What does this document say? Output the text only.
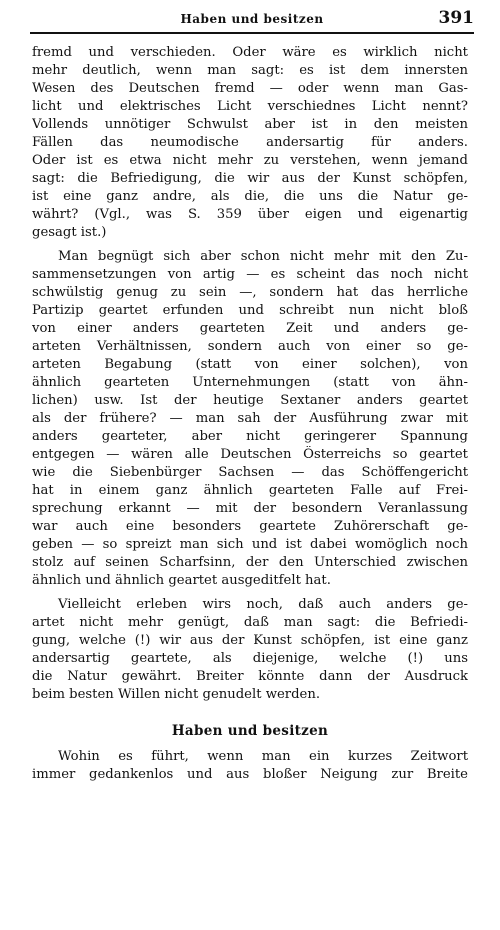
Haben und besitzen	391
fremd und verschieden. Oder wäre es wirklich nicht
mehr deutlich, wenn man sagt: es ist dem innersten
Wesen des Deutschen fremd — oder wenn man Gas-
licht und elektrisches Licht verschiednes Licht nennt?
Vollends unnötiger Schwulst aber ist in den meisten
Fällen das neumodische andersartig für anders.
Oder ist es etwa nicht mehr zu verstehen, wenn jemand
sagt: die Befriedigung, die wir aus der Kunst schöpfen,
ist eine ganz andre, als die, die uns die Natur ge-
währt? (Vgl., was S. 359 über eigen und eigenartig
gesagt ist.)
Man begnügt sich aber schon nicht mehr mit den Zu-
sammensetzungen von artig — es scheint das noch nicht
schwülstig genug zu sein —, sondern hat das herrliche
Partizip geartet erfunden und schreibt nun nicht bloß
von einer anders gearteten Zeit und anders ge-
arteten Verhältnissen, sondern auch von einer so ge-
arteten Begabung (statt von einer solchen), von
ähnlich gearteten Unternehmungen (statt von ähn-
lichen) usw. Ist der heutige Sextaner anders geartet
als der frühere? — man sah der Ausführung zwar mit
anders gearteter, aber nicht geringerer Spannung
entgegen — wären alle Deutschen Österreichs so geartet
wie die Siebenbürger Sachsen — das Schöffengericht
hat in einem ganz ähnlich gearteten Falle auf Frei-
sprechung erkannt — mit der besondern Veranlassung
war auch eine besonders geartete Zuhörerschaft ge-
geben — so spreizt man sich und ist dabei womöglich noch
stolz auf seinen Scharfsinn, der den Unterschied zwischen
ähnlich und ähnlich geartet ausgeditfelt hat.
Vielleicht erleben wirs noch, daß auch anders ge-
artet nicht mehr genügt, daß man sagt: die Befriedi-
gung, welche (!) wir aus der Kunst schöpfen, ist eine ganz
andersartig geartete, als diejenige, welche (!) uns
die Natur gewährt. Breiter könnte dann der Ausdruck
beim besten Willen nicht genudelt werden.
Haben und besitzen
Wohin es führt, wenn man ein kurzes Zeitwort
immer gedankenlos und aus bloßer Neigung zur Breite
